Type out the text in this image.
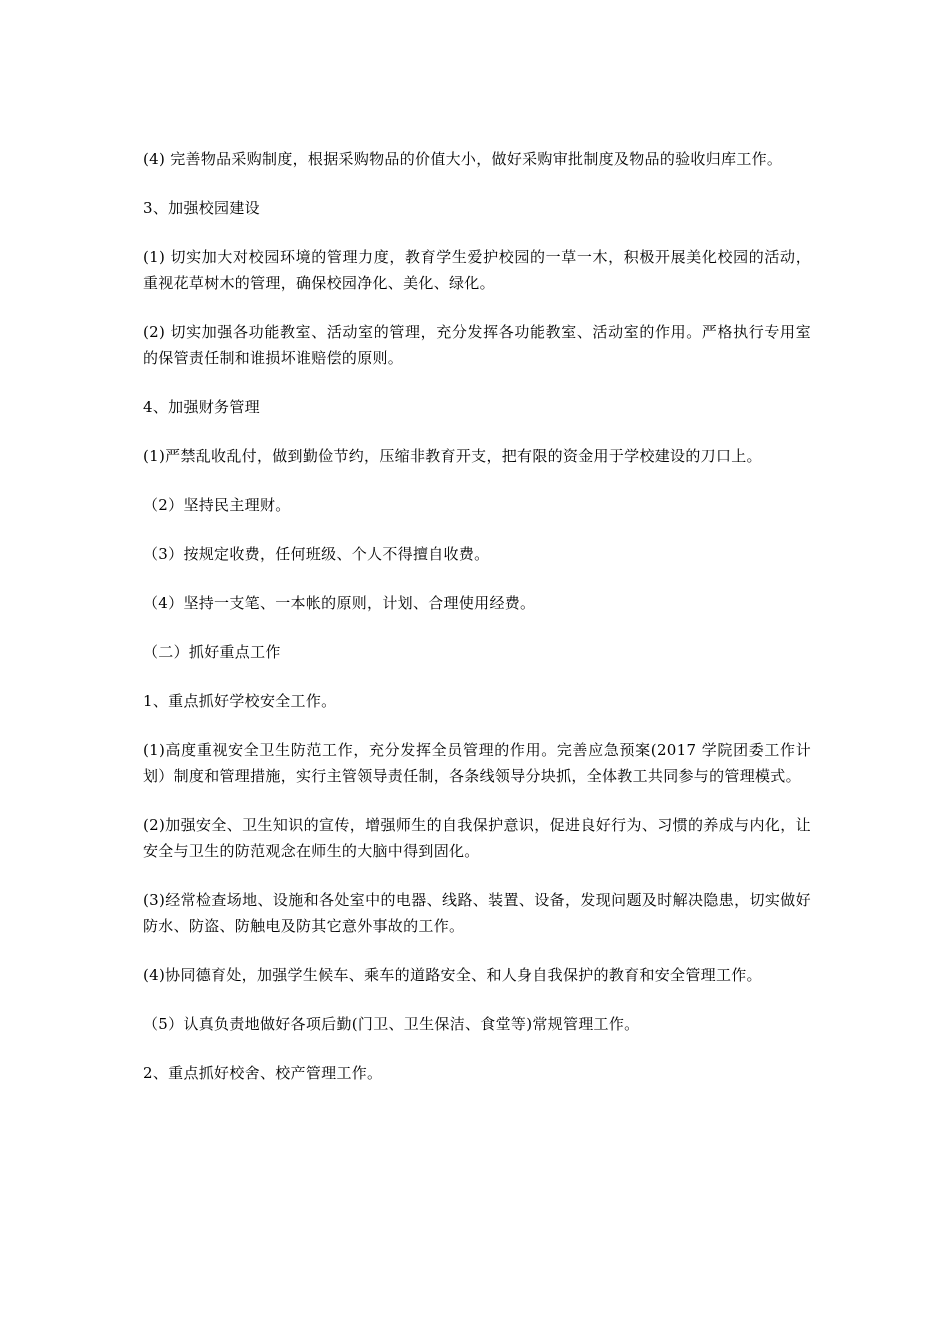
(4) 完善物品采购制度，根据采购物品的价值大小，做好采购审批制度及物品的验收归库工作。

3、加强校园建设

(1) 切实加大对校园环境的管理力度，教育学生爱护校园的一草一木，积极开展美化校园的活动，重视花草树木的管理，确保校园净化、美化、绿化。

(2) 切实加强各功能教室、活动室的管理，充分发挥各功能教室、活动室的作用。严格执行专用室的保管责任制和谁损坏谁赔偿的原则。

4、加强财务管理

(1)严禁乱收乱付，做到勤俭节约，压缩非教育开支，把有限的资金用于学校建设的刀口上。

（2）坚持民主理财。

（3）按规定收费，任何班级、个人不得擅自收费。

（4）坚持一支笔、一本帐的原则，计划、合理使用经费。

（二）抓好重点工作

1、重点抓好学校安全工作。

(1)高度重视安全卫生防范工作，充分发挥全员管理的作用。完善应急预案(2017 学院团委工作计划）制度和管理措施，实行主管领导责任制，各条线领导分块抓，全体教工共同参与的管理模式。

(2)加强安全、卫生知识的宣传，增强师生的自我保护意识，促进良好行为、习惯的养成与内化，让安全与卫生的防范观念在师生的大脑中得到固化。

(3)经常检查场地、设施和各处室中的电器、线路、装置、设备，发现问题及时解决隐患，切实做好防水、防盗、防触电及防其它意外事故的工作。

(4)协同德育处，加强学生候车、乘车的道路安全、和人身自我保护的教育和安全管理工作。

（5）认真负责地做好各项后勤(门卫、卫生保洁、食堂等)常规管理工作。

2、重点抓好校舍、校产管理工作。
